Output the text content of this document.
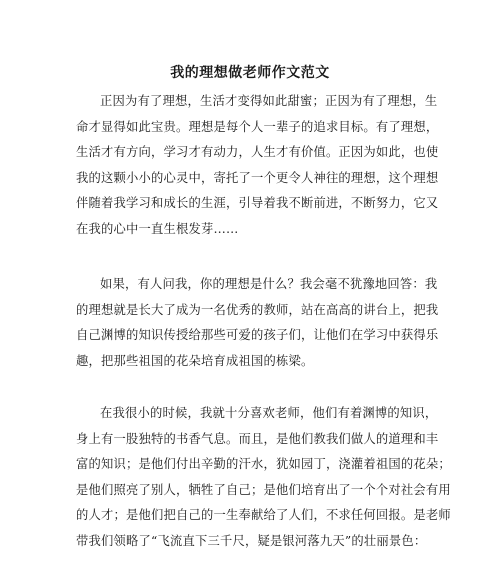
我的理想做老师作文范文
正因为有了理想，生活才变得如此甜蜜；正因为有了理想，生
命才显得如此宝贵。理想是每个人一辈子的追求目标。有了理想，
生活才有方向，学习才有动力，人生才有价值。正因为如此，也使
我的这颗小小的心灵中，寄托了一个更令人神往的理想，这个理想
伴随着我学习和成长的生涯，引导着我不断前进，不断努力，它又
在我的心中一直生根发芽……
如果，有人问我，你的理想是什么？我会毫不犹豫地回答：我
的理想就是长大了成为一名优秀的教师，站在高高的讲台上，把我
自己渊博的知识传授给那些可爱的孩子们，让他们在学习中获得乐
趣，把那些祖国的花朵培育成祖国的栋梁。
在我很小的时候，我就十分喜欢老师，他们有着渊博的知识，
身上有一股独特的书香气息。而且，是他们教我们做人的道理和丰
富的知识；是他们付出辛勤的汗水，犹如园丁，浇灌着祖国的花朵；
是他们照亮了别人，牺牲了自己；是他们培育出了一个个对社会有用
的人才；是他们把自己的一生奉献给了人们，不求任何回报。是老师
带我们领略了“飞流直下三千尺，疑是银河落九天”的壮丽景色：
